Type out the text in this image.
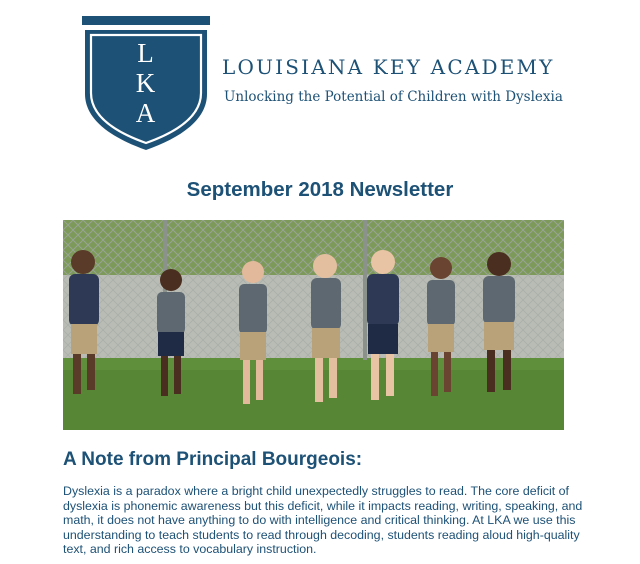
L
K
A
LOUISIANA KEY ACADEMY
Unlocking the Potential of Children with Dyslexia
September 2018 Newsletter
A Note from Principal Bourgeois:

Dyslexia is a paradox where a bright child unexpectedly struggles to read. The core deficit of dyslexia is phonemic awareness but this deficit, while it impacts reading, writing, speaking, and math, it does not have anything to do with intelligence and critical thinking. At LKA we use this understanding to teach students to read through decoding, students reading aloud high-quality text, and rich access to vocabulary instruction.
